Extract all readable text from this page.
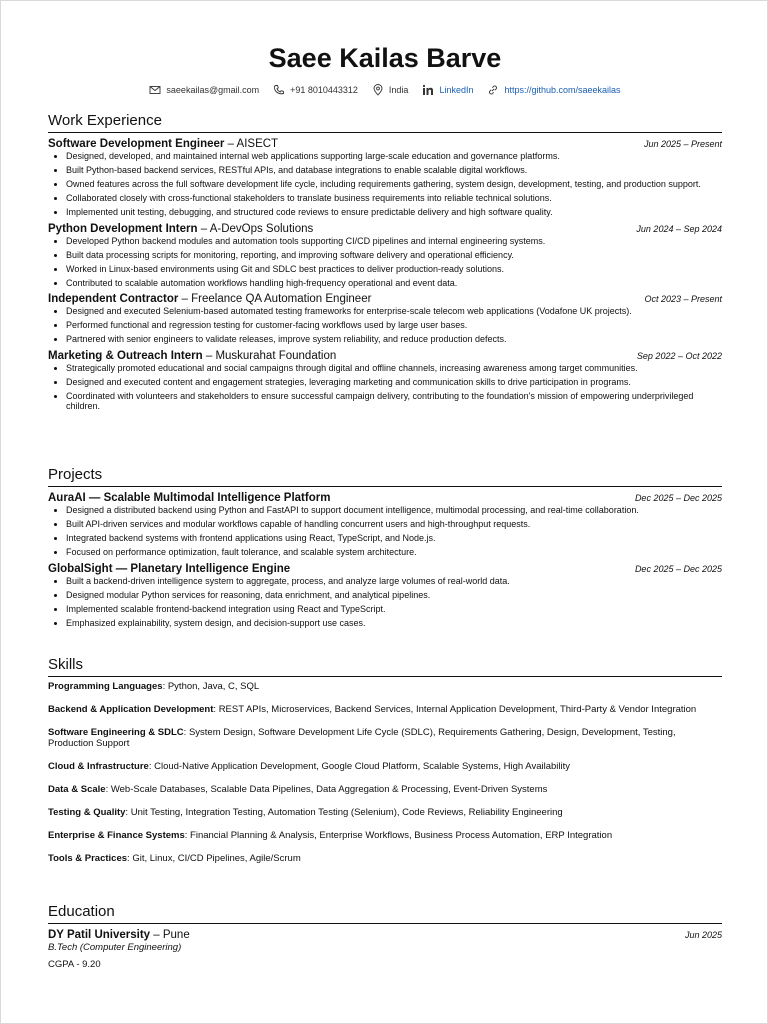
Saee Kailas Barve
saeekailas@gmail.com	+91 8010443312	India	LinkedIn	https://github.com/saeekailas
Work Experience
Software Development Engineer – AISECT	Jun 2025 – Present
• Designed, developed, and maintained internal web applications supporting large-scale education and governance platforms.
• Built Python-based backend services, RESTful APIs, and database integrations to enable scalable digital workflows.
• Owned features across the full software development life cycle, including requirements gathering, system design, development, testing, and production support.
• Collaborated closely with cross-functional stakeholders to translate business requirements into reliable technical solutions.
• Implemented unit testing, debugging, and structured code reviews to ensure predictable delivery and high software quality.
Python Development Intern – A-DevOps Solutions	Jun 2024 – Sep 2024
• Developed Python backend modules and automation tools supporting CI/CD pipelines and internal engineering systems.
• Built data processing scripts for monitoring, reporting, and improving software delivery and operational efficiency.
• Worked in Linux-based environments using Git and SDLC best practices to deliver production-ready solutions.
• Contributed to scalable automation workflows handling high-frequency operational and event data.
Independent Contractor – Freelance QA Automation Engineer	Oct 2023 – Present
• Designed and executed Selenium-based automated testing frameworks for enterprise-scale telecom web applications (Vodafone UK projects).
• Performed functional and regression testing for customer-facing workflows used by large user bases.
• Partnered with senior engineers to validate releases, improve system reliability, and reduce production defects.
Marketing & Outreach Intern – Muskurahat Foundation	Sep 2022 – Oct 2022
• Strategically promoted educational and social campaigns through digital and offline channels, increasing awareness among target communities.
• Designed and executed content and engagement strategies, leveraging marketing and communication skills to drive participation in programs.
• Coordinated with volunteers and stakeholders to ensure successful campaign delivery, contributing to the foundation's mission of empowering underprivileged children.
Projects
AuraAI — Scalable Multimodal Intelligence Platform	Dec 2025 – Dec 2025
• Designed a distributed backend using Python and FastAPI to support document intelligence, multimodal processing, and real-time collaboration.
• Built API-driven services and modular workflows capable of handling concurrent users and high-throughput requests.
• Integrated backend systems with frontend applications using React, TypeScript, and Node.js.
• Focused on performance optimization, fault tolerance, and scalable system architecture.
GlobalSight — Planetary Intelligence Engine	Dec 2025 – Dec 2025
• Built a backend-driven intelligence system to aggregate, process, and analyze large volumes of real-world data.
• Designed modular Python services for reasoning, data enrichment, and analytical pipelines.
• Implemented scalable frontend-backend integration using React and TypeScript.
• Emphasized explainability, system design, and decision-support use cases.
Skills
Programming Languages: Python, Java, C, SQL
Backend & Application Development: REST APIs, Microservices, Backend Services, Internal Application Development, Third-Party & Vendor Integration
Software Engineering & SDLC: System Design, Software Development Life Cycle (SDLC), Requirements Gathering, Design, Development, Testing, Production Support
Cloud & Infrastructure: Cloud-Native Application Development, Google Cloud Platform, Scalable Systems, High Availability
Data & Scale: Web-Scale Databases, Scalable Data Pipelines, Data Aggregation & Processing, Event-Driven Systems
Testing & Quality: Unit Testing, Integration Testing, Automation Testing (Selenium), Code Reviews, Reliability Engineering
Enterprise & Finance Systems: Financial Planning & Analysis, Enterprise Workflows, Business Process Automation, ERP Integration
Tools & Practices: Git, Linux, CI/CD Pipelines, Agile/Scrum
Education
DY Patil University – Pune	Jun 2025
B.Tech (Computer Engineering)
CGPA - 9.20
